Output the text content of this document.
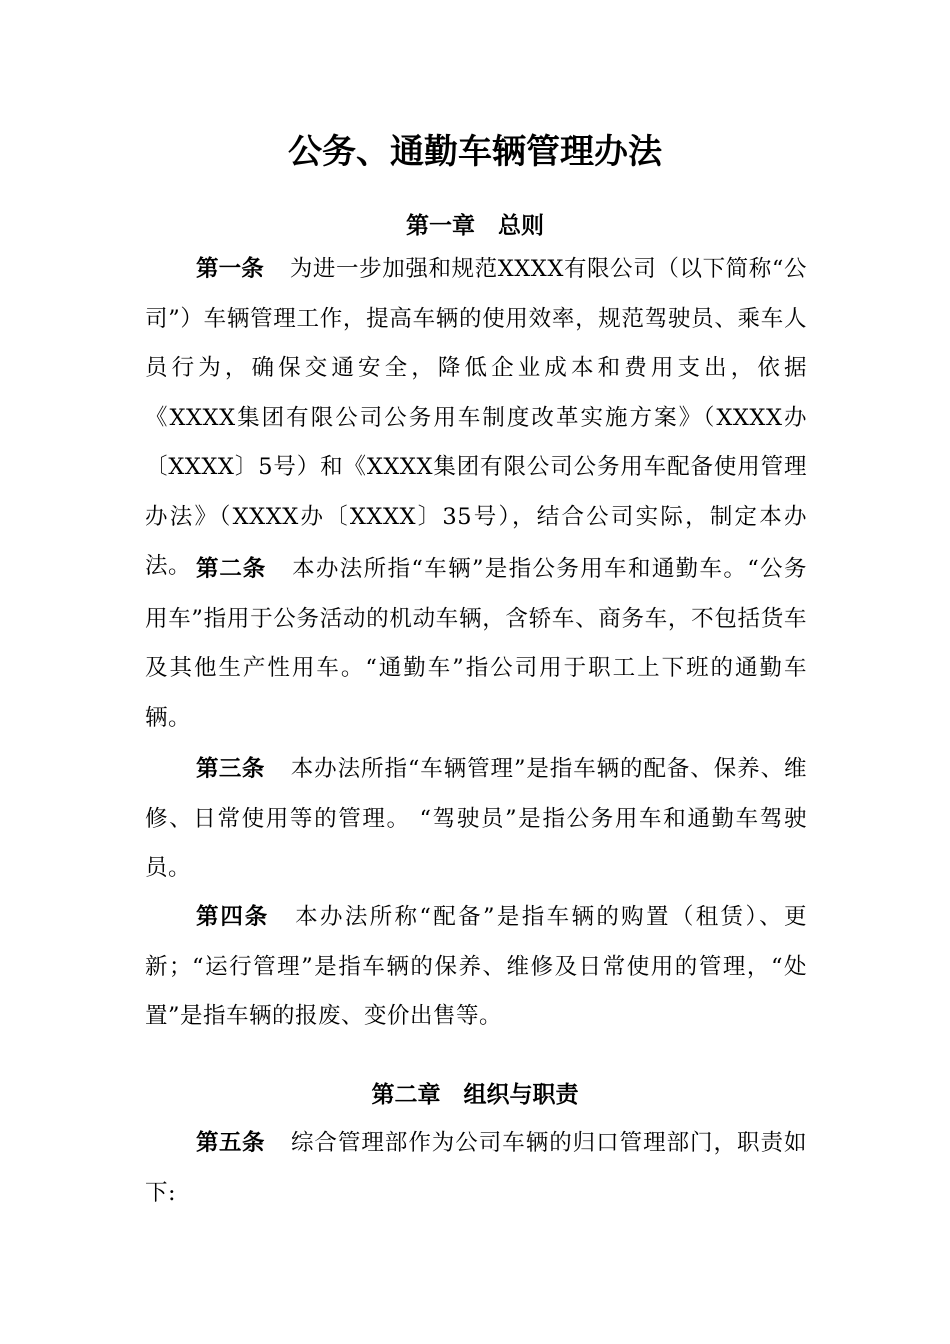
公务、通勤车辆管理办法
第一章　总则

第一条 为进一步加强和规范XXXX有限公司（以下简称“公司”）车辆管理工作，提高车辆的使用效率，规范驾驶员、乘车人员行为，确保交通安全，降低企业成本和费用支出，依据《XXXX集团有限公司公务用车制度改革实施方案》（XXXX办〔XXXX〕5号）和《XXXX集团有限公司公务用车配备使用管理办法》（XXXX办〔XXXX〕35号），结合公司实际，制定本办法。 第二条 本办法所指“车辆”是指公务用车和通勤车。“公务用车”指用于公务活动的机动车辆，含轿车、商务车，不包括货车及其他生产性用车。“通勤车”指公司用于职工上下班的通勤车辆。

第三条 本办法所指“车辆管理”是指车辆的配备、保养、维修、日常使用等的管理。 “驾驶员”是指公务用车和通勤车驾驶员。

第四条 本办法所称“配备”是指车辆的购置（租赁）、更新；“运行管理”是指车辆的保养、维修及日常使用的管理，“处置”是指车辆的报废、变价出售等。

第二章　组织与职责

第五条 综合管理部作为公司车辆的归口管理部门，职责如下:
